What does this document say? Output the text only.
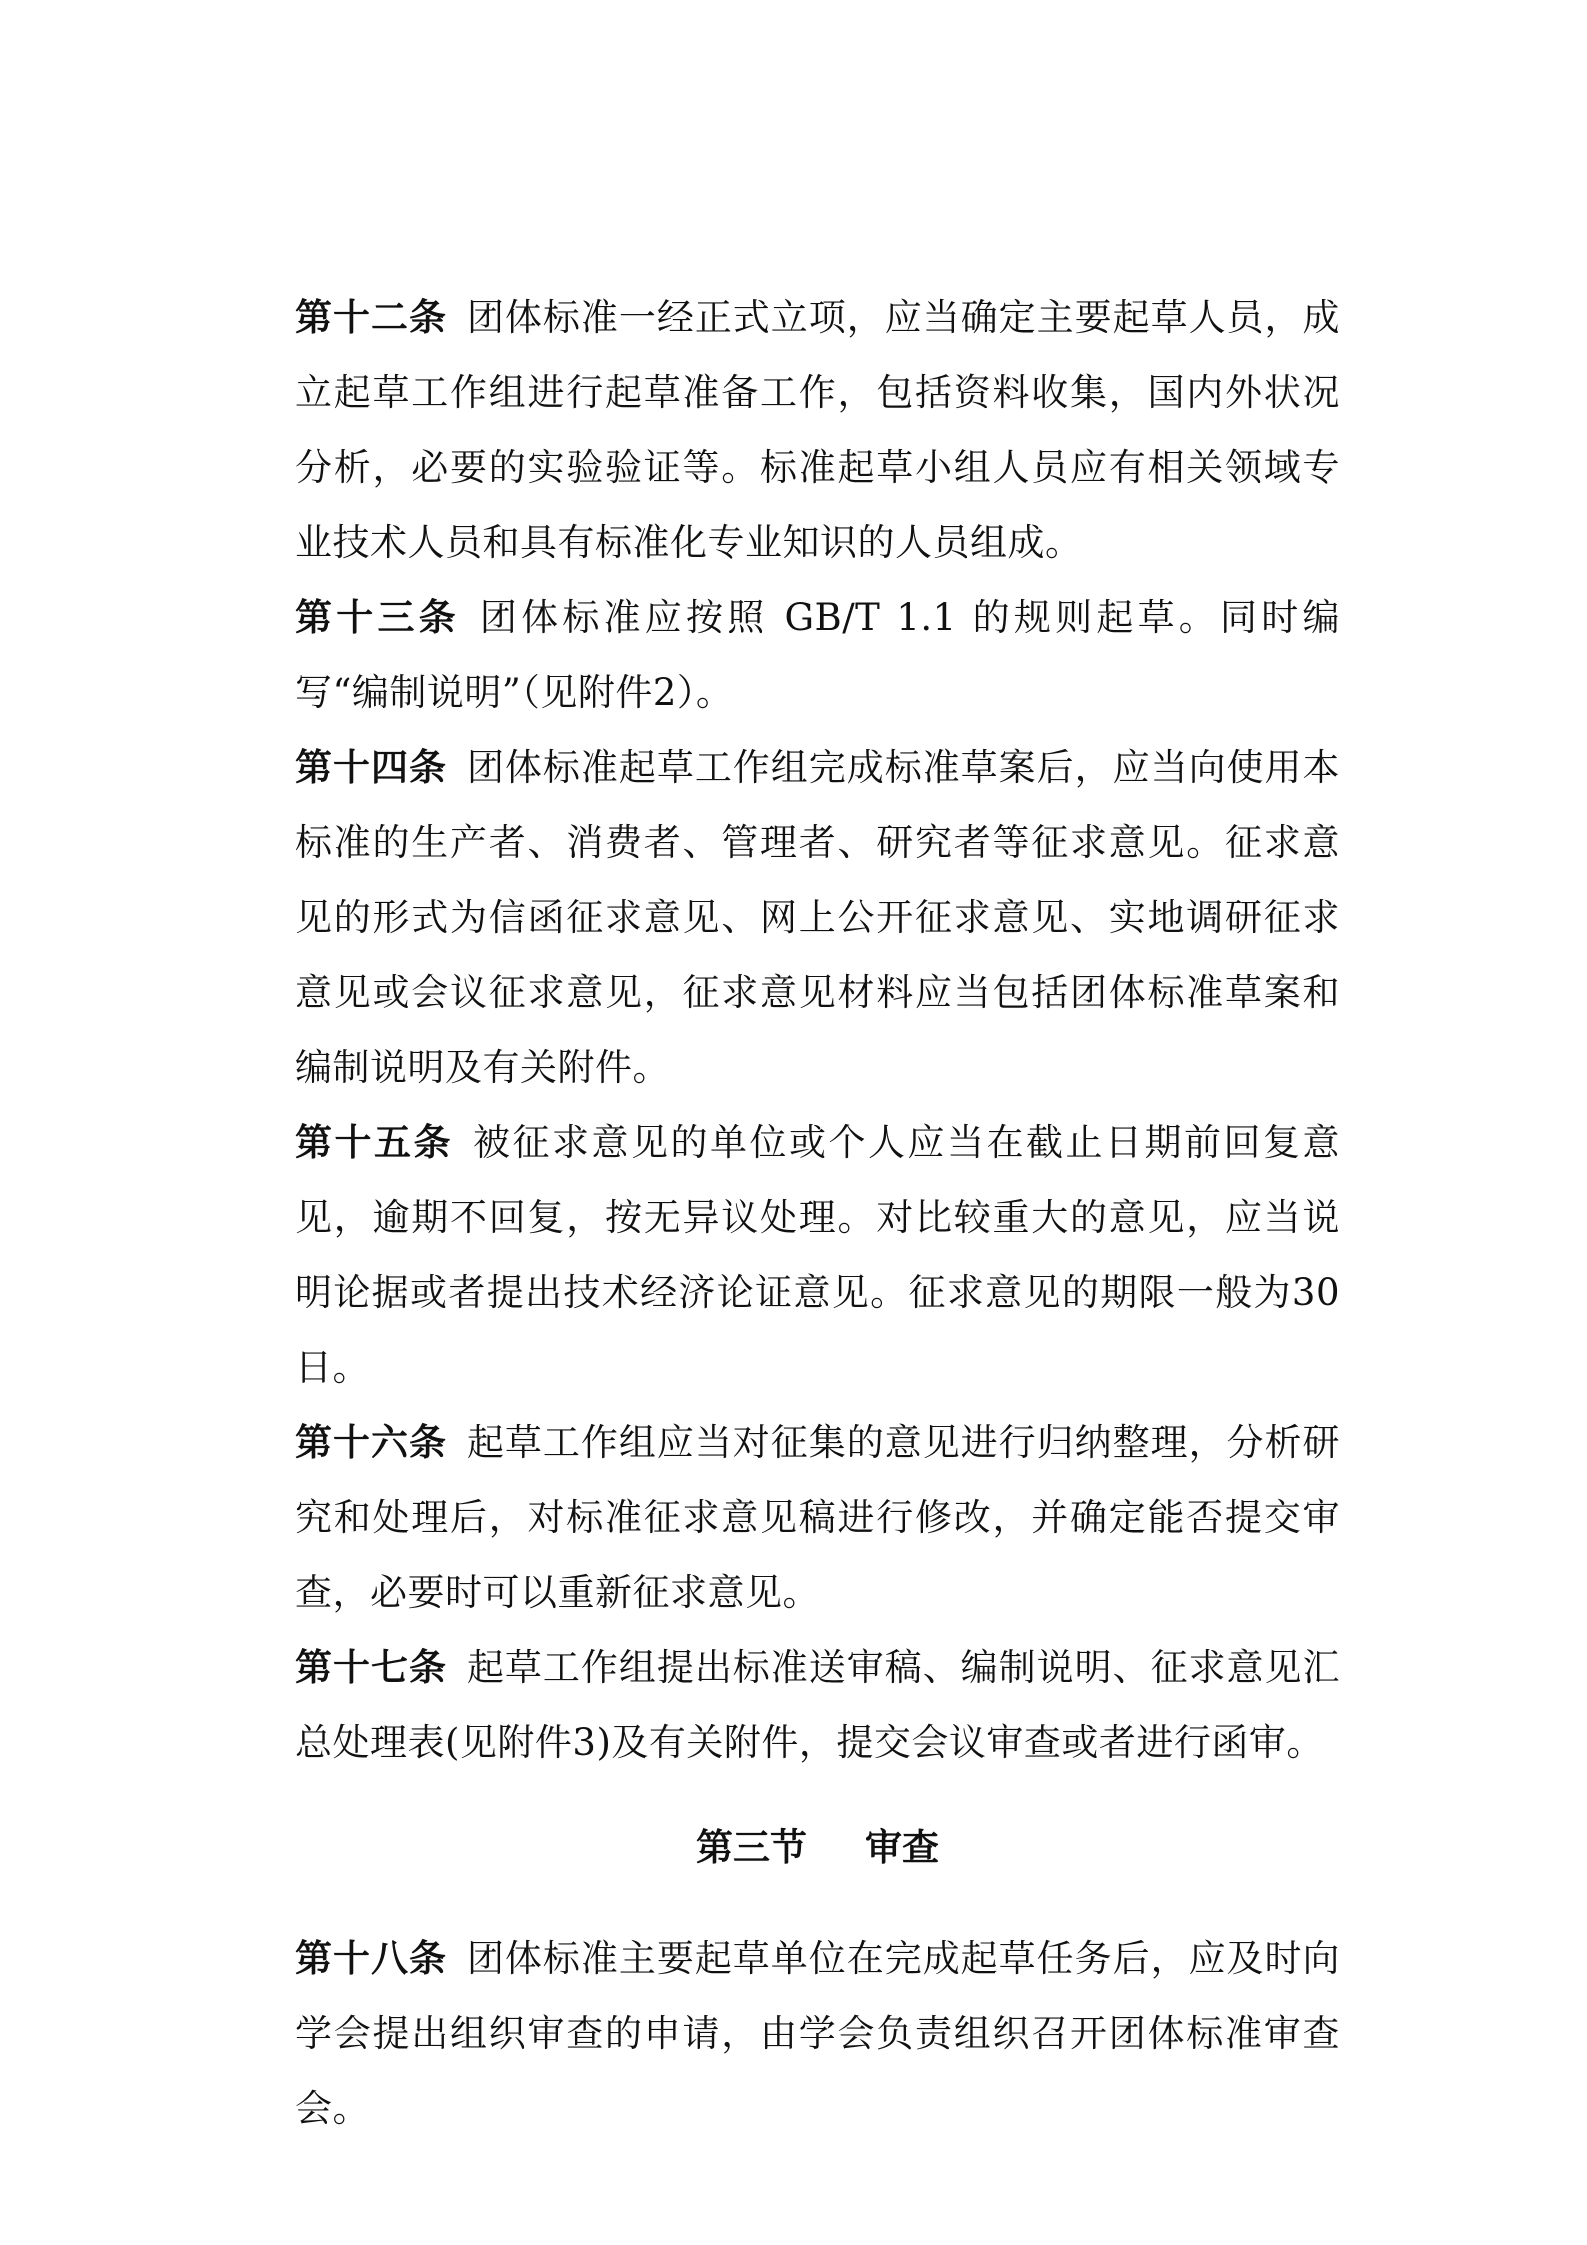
第十二条 团体标准一经正式立项，应当确定主要起草人员，成立起草工作组进行起草准备工作，包括资料收集，国内外状况分析，必要的实验验证等。标准起草小组人员应有相关领域专业技术人员和具有标准化专业知识的人员组成。

第十三条 团体标准应按照 GB/T 1.1 的规则起草。同时编写“编制说明”（见附件2）。

第十四条 团体标准起草工作组完成标准草案后，应当向使用本标准的生产者、消费者、管理者、研究者等征求意见。征求意见的形式为信函征求意见、网上公开征求意见、实地调研征求意见或会议征求意见，征求意见材料应当包括团体标准草案和编制说明及有关附件。

第十五条 被征求意见的单位或个人应当在截止日期前回复意见，逾期不回复，按无异议处理。对比较重大的意见，应当说明论据或者提出技术经济论证意见。征求意见的期限一般为30日。

第十六条 起草工作组应当对征集的意见进行归纳整理，分析研究和处理后，对标准征求意见稿进行修改，并确定能否提交审查，必要时可以重新征求意见。

第十七条 起草工作组提出标准送审稿、编制说明、征求意见汇总处理表(见附件3)及有关附件，提交会议审查或者进行函审。

第三节 审查

第十八条 团体标准主要起草单位在完成起草任务后，应及时向学会提出组织审查的申请，由学会负责组织召开团体标准审查会。
